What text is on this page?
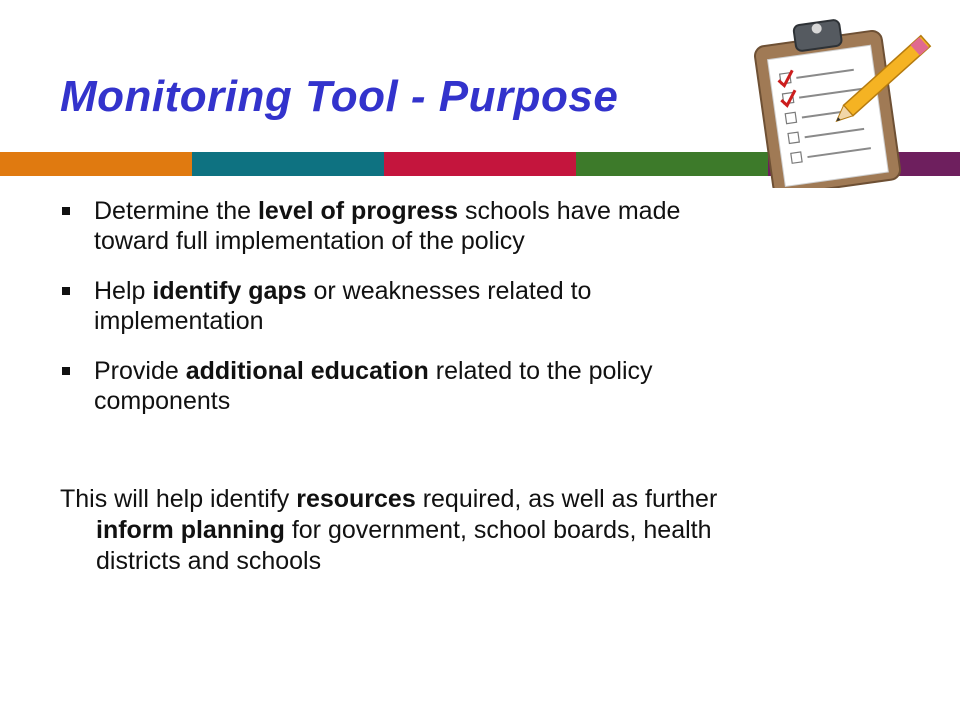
Monitoring Tool - Purpose
Determine the level of progress schools have made
toward full implementation of the policy
Help identify gaps or weaknesses related to
implementation
Provide additional education related to the policy
components

This will help identify resources required, as well as further
inform planning for government, school boards, health
districts and schools
